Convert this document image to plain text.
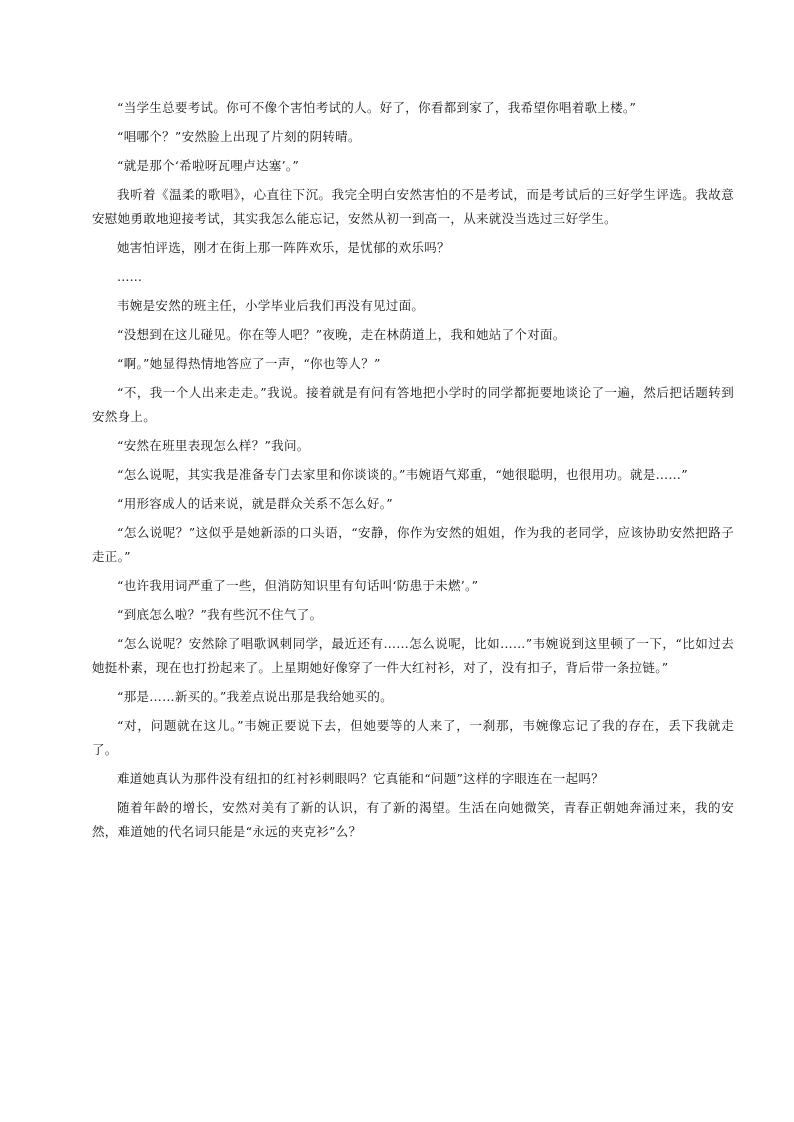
“当学生总要考试。你可不像个害怕考试的人。好了，你看都到家了，我希望你唱着歌上楼。”

“唱哪个？”安然脸上出现了片刻的阴转晴。

“就是那个‘希啦呀瓦哩卢达塞’。”

我听着《温柔的歌唱》，心直往下沉。我完全明白安然害怕的不是考试，而是考试后的三好学生评选。我故意安慰她勇敢地迎接考试，其实我怎么能忘记，安然从初一到高一，从来就没当选过三好学生。

她害怕评选，刚才在街上那一阵阵欢乐，是忧郁的欢乐吗？

……

韦婉是安然的班主任，小学毕业后我们再没有见过面。

“没想到在这儿碰见。你在等人吧？”夜晚，走在林荫道上，我和她站了个对面。

“啊。”她显得热情地答应了一声，“你也等人？”

“不，我一个人出来走走。”我说。接着就是有问有答地把小学时的同学都扼要地谈论了一遍，然后把话题转到安然身上。

“安然在班里表现怎么样？”我问。

“怎么说呢，其实我是准备专门去家里和你谈谈的。”韦婉语气郑重，“她很聪明，也很用功。就是……”

“用形容成人的话来说，就是群众关系不怎么好。”

“怎么说呢？”这似乎是她新添的口头语，“安静，你作为安然的姐姐，作为我的老同学，应该协助安然把路子走正。”

“也许我用词严重了一些，但消防知识里有句话叫‘防患于未燃’。”

“到底怎么啦？”我有些沉不住气了。

“怎么说呢？安然除了唱歌讽刺同学，最近还有……怎么说呢，比如……”韦婉说到这里顿了一下，“比如过去她挺朴素，现在也打扮起来了。上星期她好像穿了一件大红衬衫，对了，没有扣子，背后带一条拉链。”

“那是……新买的。”我差点说出那是我给她买的。

“对，问题就在这儿。”韦婉正要说下去，但她要等的人来了，一刹那，韦婉像忘记了我的存在，丢下我就走了。

难道她真认为那件没有纽扣的红衬衫刺眼吗？它真能和“问题”这样的字眼连在一起吗？

随着年龄的增长，安然对美有了新的认识，有了新的渴望。生活在向她微笑，青春正朝她奔涌过来，我的安然，难道她的代名词只能是“永远的夹克衫”么？
